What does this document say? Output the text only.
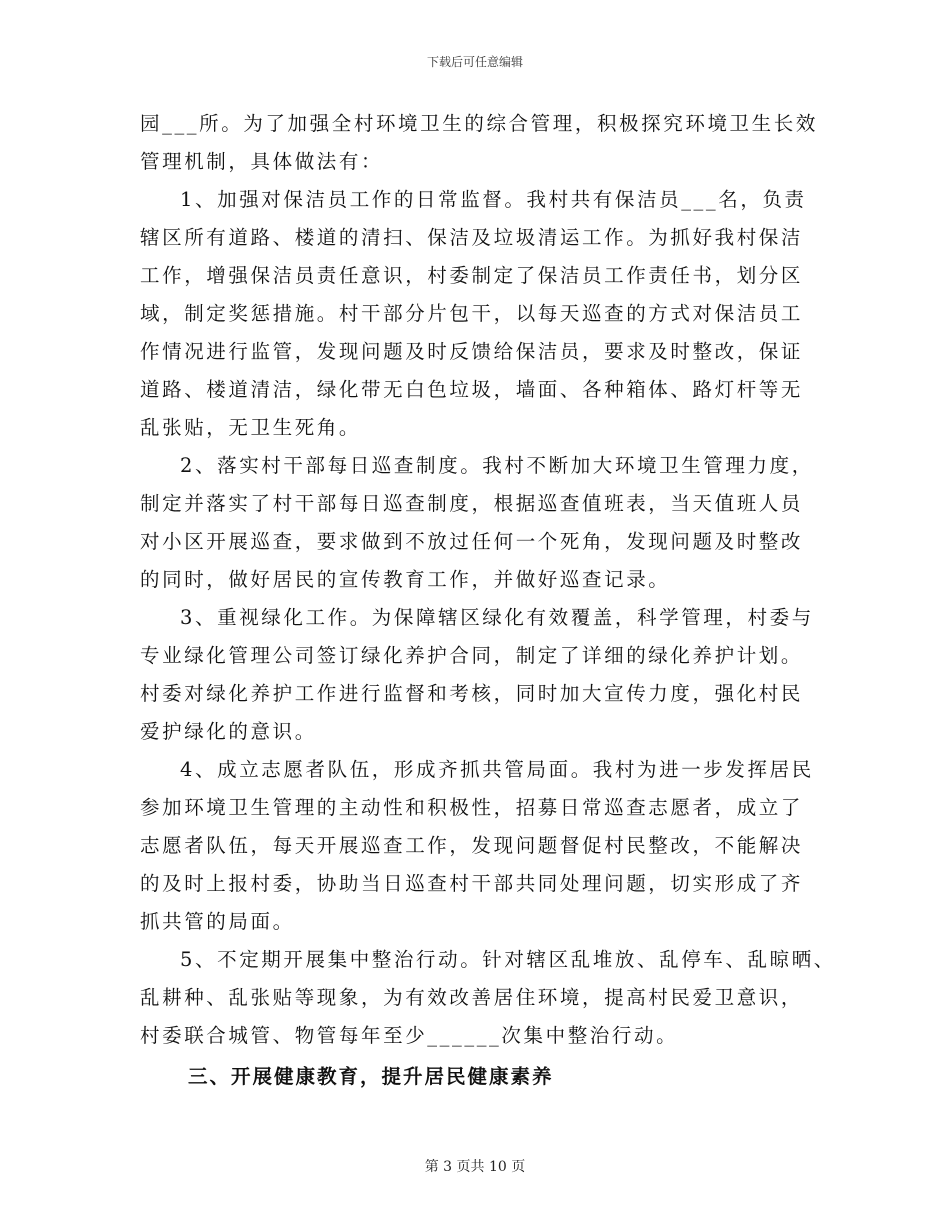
下载后可任意编辑
园___所。为了加强全村环境卫生的综合管理，积极探究环境卫生长效
管理机制，具体做法有：
1、加强对保洁员工作的日常监督。我村共有保洁员___名，负责
辖区所有道路、楼道的清扫、保洁及垃圾清运工作。为抓好我村保洁
工作，增强保洁员责任意识，村委制定了保洁员工作责任书，划分区
域，制定奖惩措施。村干部分片包干，以每天巡查的方式对保洁员工
作情况进行监管，发现问题及时反馈给保洁员，要求及时整改，保证
道路、楼道清洁，绿化带无白色垃圾，墙面、各种箱体、路灯杆等无
乱张贴，无卫生死角。
2、落实村干部每日巡查制度。我村不断加大环境卫生管理力度，
制定并落实了村干部每日巡查制度，根据巡查值班表，当天值班人员
对小区开展巡查，要求做到不放过任何一个死角，发现问题及时整改
的同时，做好居民的宣传教育工作，并做好巡查记录。
3、重视绿化工作。为保障辖区绿化有效覆盖，科学管理，村委与
专业绿化管理公司签订绿化养护合同，制定了详细的绿化养护计划。
村委对绿化养护工作进行监督和考核，同时加大宣传力度，强化村民
爱护绿化的意识。
4、成立志愿者队伍，形成齐抓共管局面。我村为进一步发挥居民
参加环境卫生管理的主动性和积极性，招募日常巡查志愿者，成立了
志愿者队伍，每天开展巡查工作，发现问题督促村民整改，不能解决
的及时上报村委，协助当日巡查村干部共同处理问题，切实形成了齐
抓共管的局面。
5、不定期开展集中整治行动。针对辖区乱堆放、乱停车、乱晾晒、
乱耕种、乱张贴等现象，为有效改善居住环境，提高村民爱卫意识，
村委联合城管、物管每年至少______次集中整治行动。
三、开展健康教育，提升居民健康素养
第 3 页共 10 页
